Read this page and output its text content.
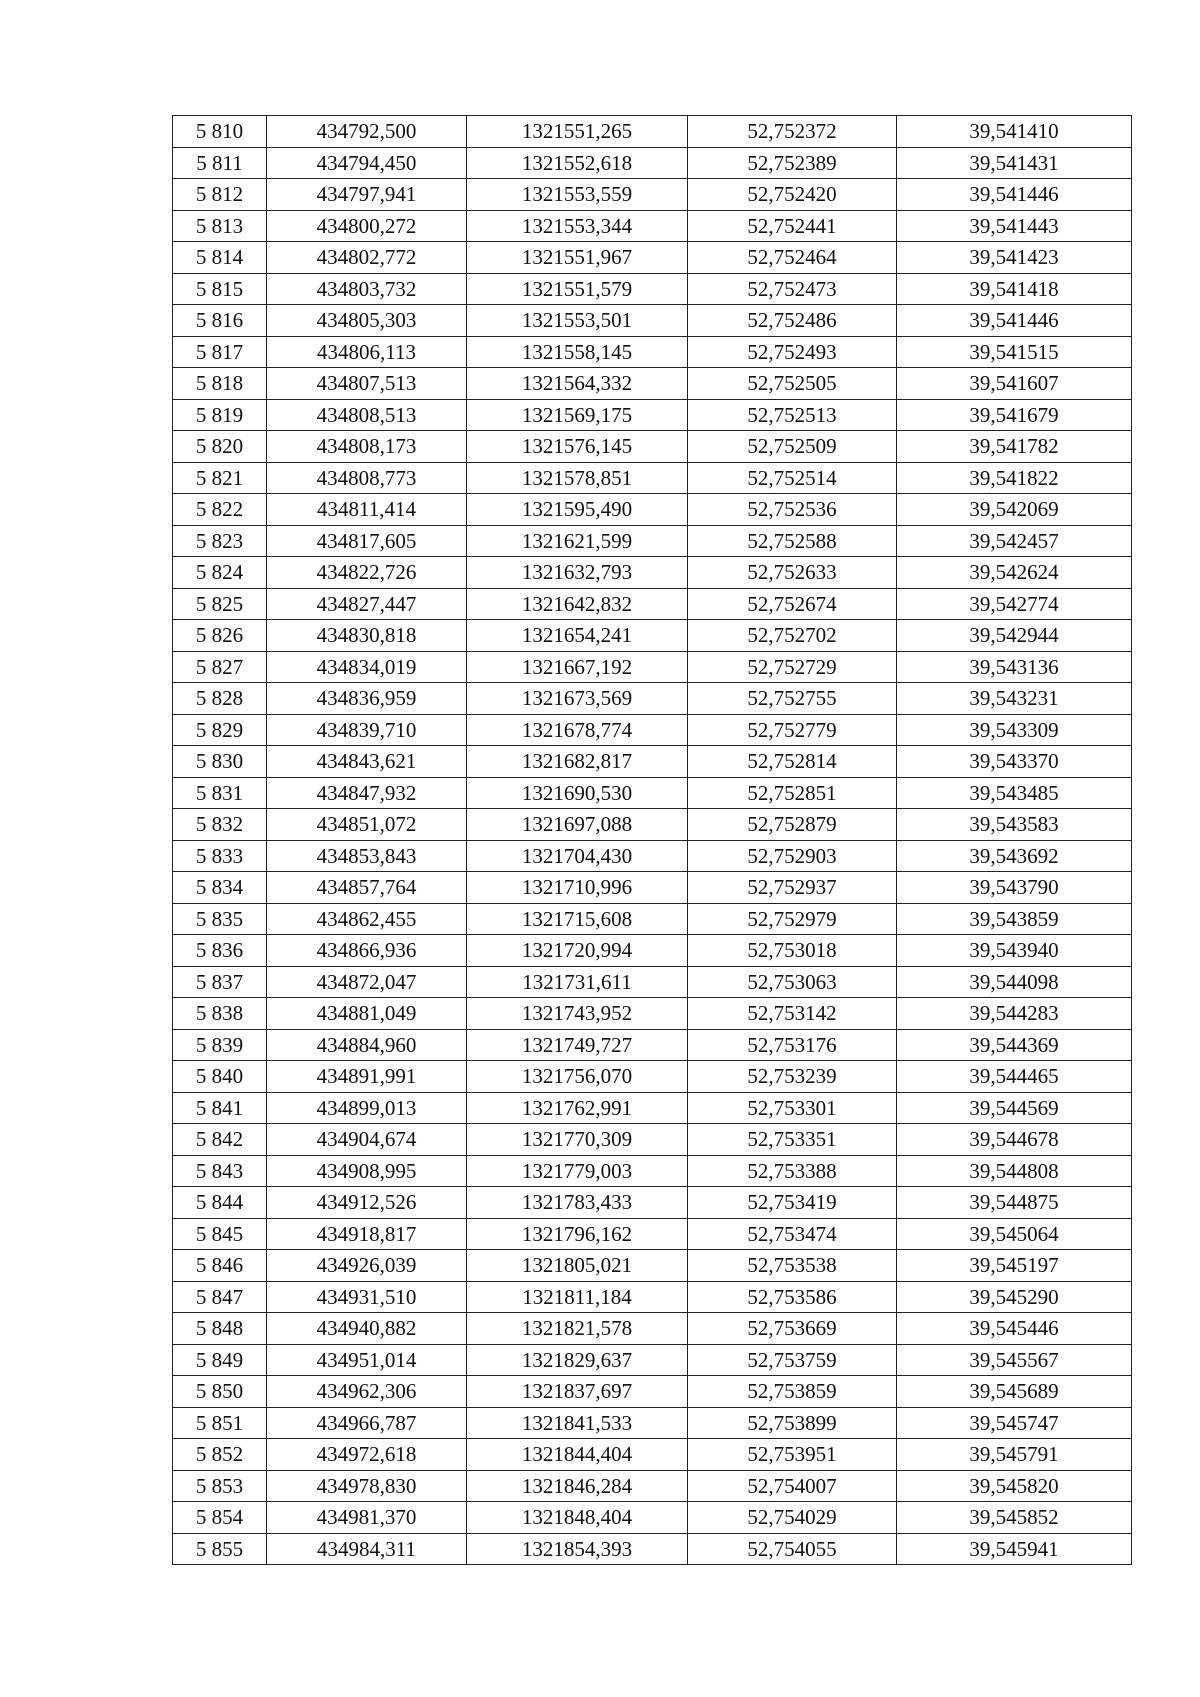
5 810	434792,500	1321551,265	52,752372	39,541410
5 811	434794,450	1321552,618	52,752389	39,541431
5 812	434797,941	1321553,559	52,752420	39,541446
5 813	434800,272	1321553,344	52,752441	39,541443
5 814	434802,772	1321551,967	52,752464	39,541423
5 815	434803,732	1321551,579	52,752473	39,541418
5 816	434805,303	1321553,501	52,752486	39,541446
5 817	434806,113	1321558,145	52,752493	39,541515
5 818	434807,513	1321564,332	52,752505	39,541607
5 819	434808,513	1321569,175	52,752513	39,541679
5 820	434808,173	1321576,145	52,752509	39,541782
5 821	434808,773	1321578,851	52,752514	39,541822
5 822	434811,414	1321595,490	52,752536	39,542069
5 823	434817,605	1321621,599	52,752588	39,542457
5 824	434822,726	1321632,793	52,752633	39,542624
5 825	434827,447	1321642,832	52,752674	39,542774
5 826	434830,818	1321654,241	52,752702	39,542944
5 827	434834,019	1321667,192	52,752729	39,543136
5 828	434836,959	1321673,569	52,752755	39,543231
5 829	434839,710	1321678,774	52,752779	39,543309
5 830	434843,621	1321682,817	52,752814	39,543370
5 831	434847,932	1321690,530	52,752851	39,543485
5 832	434851,072	1321697,088	52,752879	39,543583
5 833	434853,843	1321704,430	52,752903	39,543692
5 834	434857,764	1321710,996	52,752937	39,543790
5 835	434862,455	1321715,608	52,752979	39,543859
5 836	434866,936	1321720,994	52,753018	39,543940
5 837	434872,047	1321731,611	52,753063	39,544098
5 838	434881,049	1321743,952	52,753142	39,544283
5 839	434884,960	1321749,727	52,753176	39,544369
5 840	434891,991	1321756,070	52,753239	39,544465
5 841	434899,013	1321762,991	52,753301	39,544569
5 842	434904,674	1321770,309	52,753351	39,544678
5 843	434908,995	1321779,003	52,753388	39,544808
5 844	434912,526	1321783,433	52,753419	39,544875
5 845	434918,817	1321796,162	52,753474	39,545064
5 846	434926,039	1321805,021	52,753538	39,545197
5 847	434931,510	1321811,184	52,753586	39,545290
5 848	434940,882	1321821,578	52,753669	39,545446
5 849	434951,014	1321829,637	52,753759	39,545567
5 850	434962,306	1321837,697	52,753859	39,545689
5 851	434966,787	1321841,533	52,753899	39,545747
5 852	434972,618	1321844,404	52,753951	39,545791
5 853	434978,830	1321846,284	52,754007	39,545820
5 854	434981,370	1321848,404	52,754029	39,545852
5 855	434984,311	1321854,393	52,754055	39,545941
